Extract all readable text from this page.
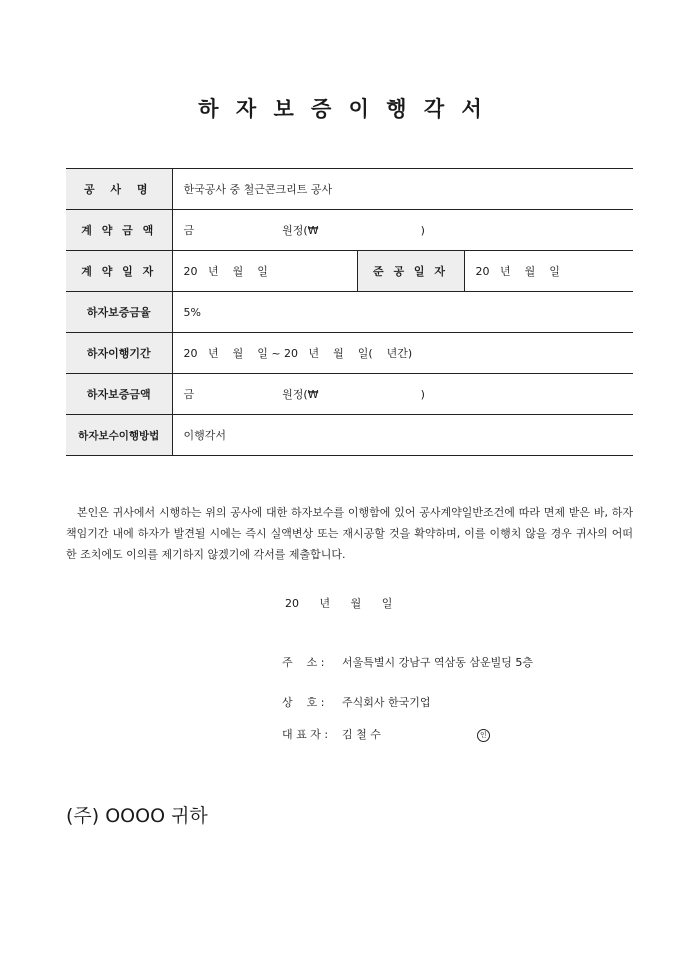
하 자 보 증 이 행 각 서
공 사 명	한국공사 중 철근콘크리트 공사		
계 약 금 액	금 원정(₩ )		
계 약 일 자	20   년    월    일	준 공 일 자	20   년    월    일
하자보증금율	5%		
하자이행기간	20   년    월    일 ~ 20   년    월    일(    년간)		
하자보증금액	금 원정(₩ )		
하자보수이행방법	이행각서		
본인은 귀사에서 시행하는 위의 공사에 대한 하자보수를 이행함에 있어 공사계약일반조건에 따라 면제 받은 바, 하자책임기간 내에 하자가 발견될 시에는 즉시 실액변상 또는 재시공할 것을 확약하며, 이를 이행치 않을 경우 귀사의 어떠한 조치에도 이의를 제기하지 않겠기에 각서를 제출합니다.
20 년 월 일
주    소 : 서울특별시 강남구 역삼동 삼운빌딩 5층
상    호 : 주식회사 한국기업
대 표 자 : 김 철 수	인
(주) OOOO 귀하
